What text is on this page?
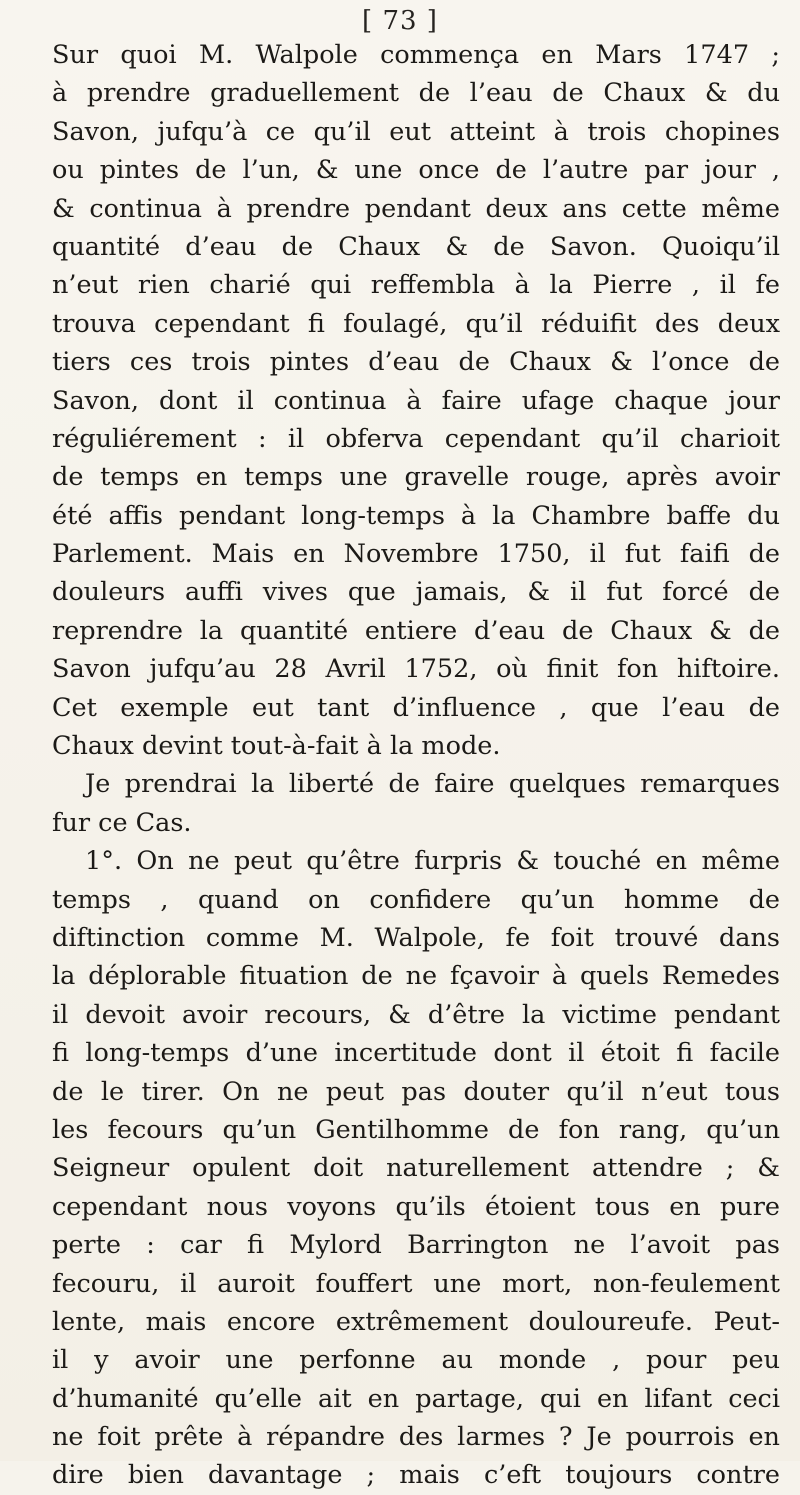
[ 73 ]
Sur quoi M. Walpole commença en Mars 1747 ;
à prendre graduellement de l’eau de Chaux & du
Savon, jufqu’à ce qu’il eut atteint à trois chopines
ou pintes de l’un, & une once de l’autre par jour ,
& continua à prendre pendant deux ans cette même
quantité d’eau de Chaux & de Savon. Quoiqu’il
n’eut rien charié qui reffembla à la Pierre , il fe
trouva cependant fi foulagé, qu’il réduifit des deux
tiers ces trois pintes d’eau de Chaux & l’once de
Savon, dont il continua à faire ufage chaque jour
réguliérement : il obferva cependant qu’il charioit
de temps en temps une gravelle rouge, après avoir
été affis pendant long-temps à la Chambre baffe du
Parlement. Mais en Novembre 1750, il fut faifi de
douleurs auffi vives que jamais, & il fut forcé de
reprendre la quantité entiere d’eau de Chaux & de
Savon jufqu’au 28 Avril 1752, où finit fon hiftoire.
Cet exemple eut tant d’influence , que l’eau de
Chaux devint tout-à-fait à la mode.
Je prendrai la liberté de faire quelques remarques
fur ce Cas.
1°. On ne peut qu’être furpris & touché en même
temps , quand on confidere qu’un homme de
diftinction comme M. Walpole, fe foit trouvé dans
la déplorable fituation de ne fçavoir à quels Remedes
il devoit avoir recours, & d’être la victime pendant
fi long-temps d’une incertitude dont il étoit fi facile
de le tirer. On ne peut pas douter qu’il n’eut tous
les fecours qu’un Gentilhomme de fon rang, qu’un
Seigneur opulent doit naturellement attendre ; &
cependant nous voyons qu’ils étoient tous en pure
perte : car fi Mylord Barrington ne l’avoit pas
fecouru, il auroit fouffert une mort, non-feulement
lente, mais encore extrêmement douloureufe. Peut-
il y avoir une perfonne au monde , pour peu
d’humanité qu’elle ait en partage, qui en lifant ceci
ne foit prête à répandre des larmes ? Je pourrois en
dire bien davantage ; mais c’eft toujours contre
